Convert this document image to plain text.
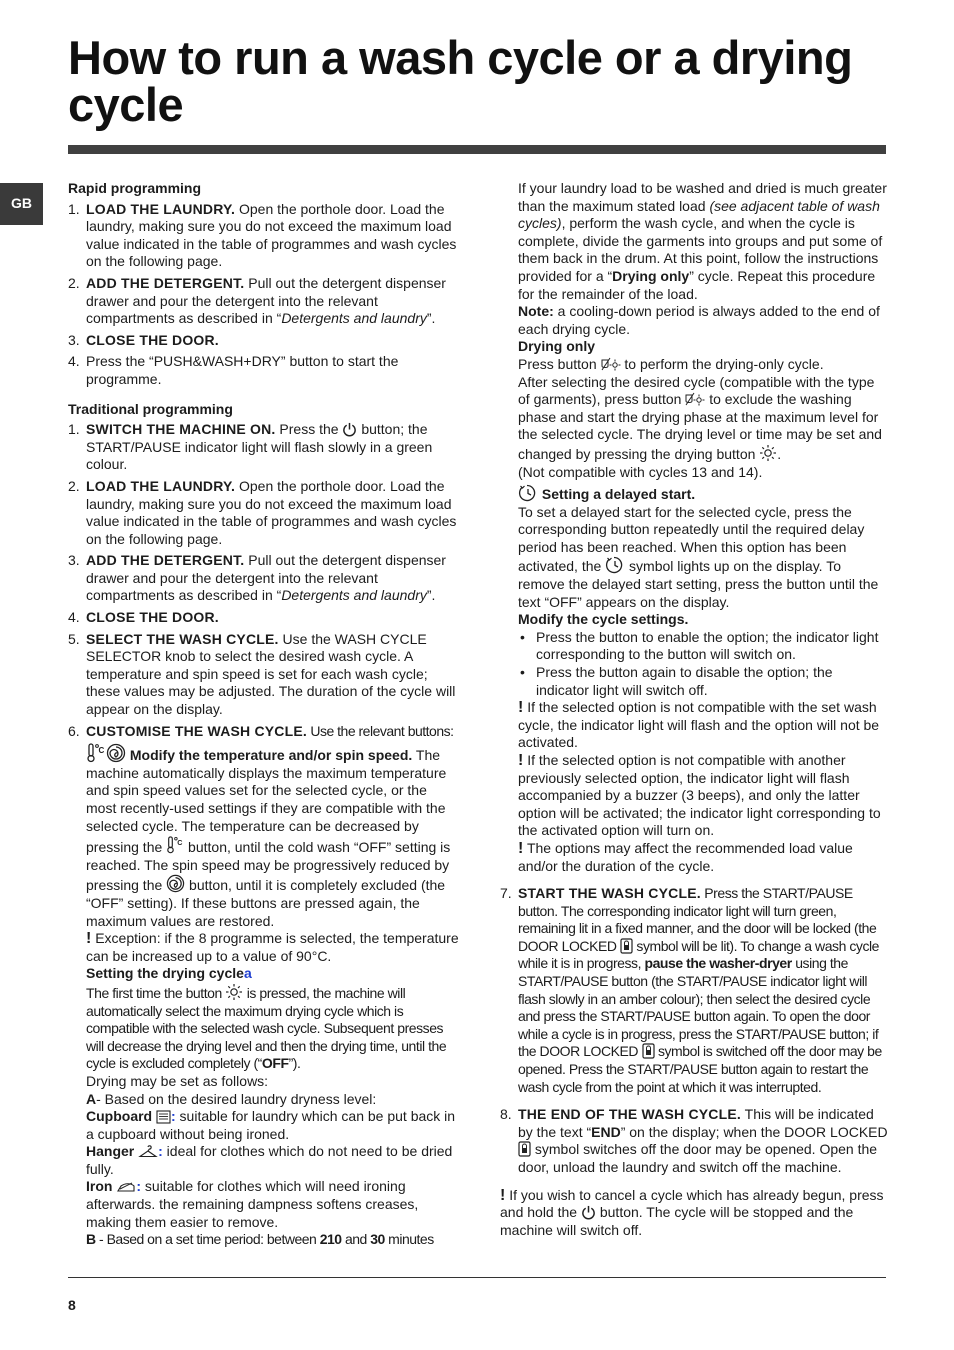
How to run a wash cycle or a drying cycle
GB

Rapid programming

1. LOAD THE LAUNDRY. Open the porthole door. Load the laundry, making sure you do not exceed the maximum load value indicated in the table of programmes and wash cycles on the following page.
2. ADD THE DETERGENT. Pull out the detergent dispenser drawer and pour the detergent into the relevant compartments as described in “Detergents and laundry”.
3. CLOSE THE DOOR.
4. Press the “PUSH&WASH+DRY” button to start the programme.

Traditional programming

1. SWITCH THE MACHINE ON. Press the
button; the START/PAUSE indicator light will flash slowly in a green colour.
2. LOAD THE LAUNDRY. Open the porthole door. Load the laundry, making sure you do not exceed the maximum load value indicated in the table of programmes and wash cycles on the following page.
3. ADD THE DETERGENT. Pull out the detergent dispenser drawer and pour the detergent into the relevant compartments as described in “Detergents and laundry”.
4. CLOSE THE DOOR.
5. SELECT THE WASH CYCLE. Use the WASH CYCLE SELECTOR knob to select the desired wash cycle. A temperature and spin speed is set for each wash cycle; these values may be adjusted. The duration of the cycle will appear on the display.
6. CUSTOMISE THE WASH CYCLE. Use the relevant buttons:

C Modify the temperature and/or spin speed. The machine automatically displays the maximum temperature and spin speed values set for the selected cycle, or the most recently-used settings if they are compatible with the selected cycle. The temperature can be decreased by pressing the C button, until the cold wash “OFF” setting is reached. The spin speed may be progressively reduced by pressing the
button, until it is completely excluded (the “OFF” setting). If these buttons are pressed again, the maximum values are restored.

! Exception: if the 8 programme is selected, the temperature can be increased up to a value of 90°C.

Setting the drying cyclea

The first time the button
is pressed, the machine will automatically select the maximum drying cycle which is compatible with the selected wash cycle. Subsequent presses will decrease the drying level and then the drying time, until the cycle is excluded completely (“OFF”).

Drying may be set as follows:

A- Based on the desired laundry dryness level:

Cupboard
: suitable for laundry which can be put back in a cupboard without being ironed.

Hanger
: ideal for clothes which do not need to be dried fully.

Iron
: suitable for clothes which will need ironing afterwards. the remaining dampness softens creases, making them easier to remove.

B - Based on a set time period: between 210 and 30 minutes

If your laundry load to be washed and dried is much greater than the maximum stated load (see adjacent table of wash cycles), perform the wash cycle, and when the cycle is complete, divide the garments into groups and put some of them back in the drum. At this point, follow the instructions provided for a “Drying only” cycle. Repeat this procedure for the remainder of the load.

Note: a cooling-down period is always added to the end of each drying cycle.

Drying only

Press button
to perform the drying-only cycle.

After selecting the desired cycle (compatible with the type of garments), press button
to exclude the washing phase and start the drying phase at the maximum level for the selected cycle. The drying level or time may be set and changed by pressing the drying button
.

(Not compatible with cycles 13 and 14).

Setting a delayed start.

To set a delayed start for the selected cycle, press the corresponding button repeatedly until the required delay period has been reached. When this option has been activated, the
symbol lights up on the display. To remove the delayed start setting, press the button until the text “OFF” appears on the display.

Modify the cycle settings.

• Press the button to enable the option; the indicator light corresponding to the button will switch on.
• Press the button again to disable the option; the indicator light will switch off.

! If the selected option is not compatible with the set wash cycle, the indicator light will flash and the option will not be activated.

! If the selected option is not compatible with another previously selected option, the indicator light will flash accompanied by a buzzer (3 beeps), and only the latter option will be activated; the indicator light corresponding to the activated option will turn on.

! The options may affect the recommended load value and/or the duration of the cycle.

7. START THE WASH CYCLE. Press the START/PAUSE button. The corresponding indicator light will turn green, remaining lit in a fixed manner, and the door will be locked (the DOOR LOCKED
symbol will be lit). To change a wash cycle while it is in progress, pause the washer-dryer using the START/PAUSE button (the START/PAUSE indicator light will flash slowly in an amber colour); then select the desired cycle and press the START/PAUSE button again. To open the door while a cycle is in progress, press the START/PAUSE button; if the DOOR LOCKED
symbol is switched off the door may be opened. Press the START/PAUSE button again to restart the wash cycle from the point at which it was interrupted.
8. THE END OF THE WASH CYCLE. This will be indicated by the text “END” on the display; when the DOOR LOCKED
symbol switches off the door may be opened. Open the door, unload the laundry and switch off the machine.

! If you wish to cancel a cycle which has already begun, press and hold the
button. The cycle will be stopped and the machine will switch off.

8
